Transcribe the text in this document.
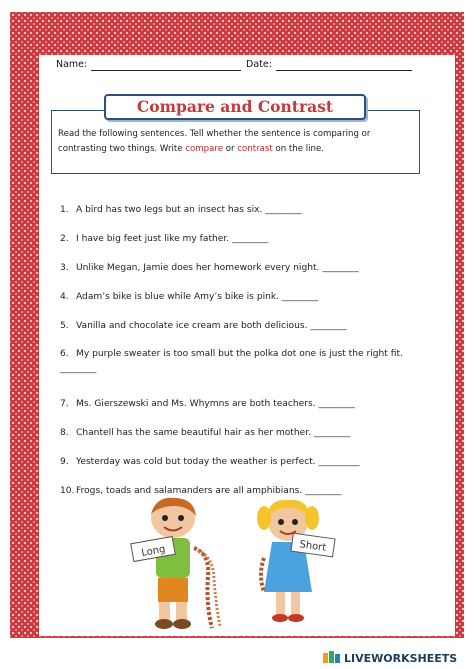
Name:	Date:
Read the following sentences. Tell whether the sentence is comparing or contrasting two things. Write compare or contrast on the line.
Compare and Contrast
1. A bird has two legs but an insect has six. ________
2. I have big feet just like my father. ________
3. Unlike Megan, Jamie does her homework every night. ________
4. Adam’s bike is blue while Amy’s bike is pink. ________
5. Vanilla and chocolate ice cream are both delicious. ________
6. My purple sweater is too small but the polka dot one is just the right fit. ________
7. Ms. Gierszewski and Ms. Whymns are both teachers. ________
8. Chantell has the same beautiful hair as her mother. ________
9. Yesterday was cold but today the weather is perfect. _________
10. Frogs, toads and salamanders are all amphibians. ________
Long	Short
LIVEWORKSHEETS
